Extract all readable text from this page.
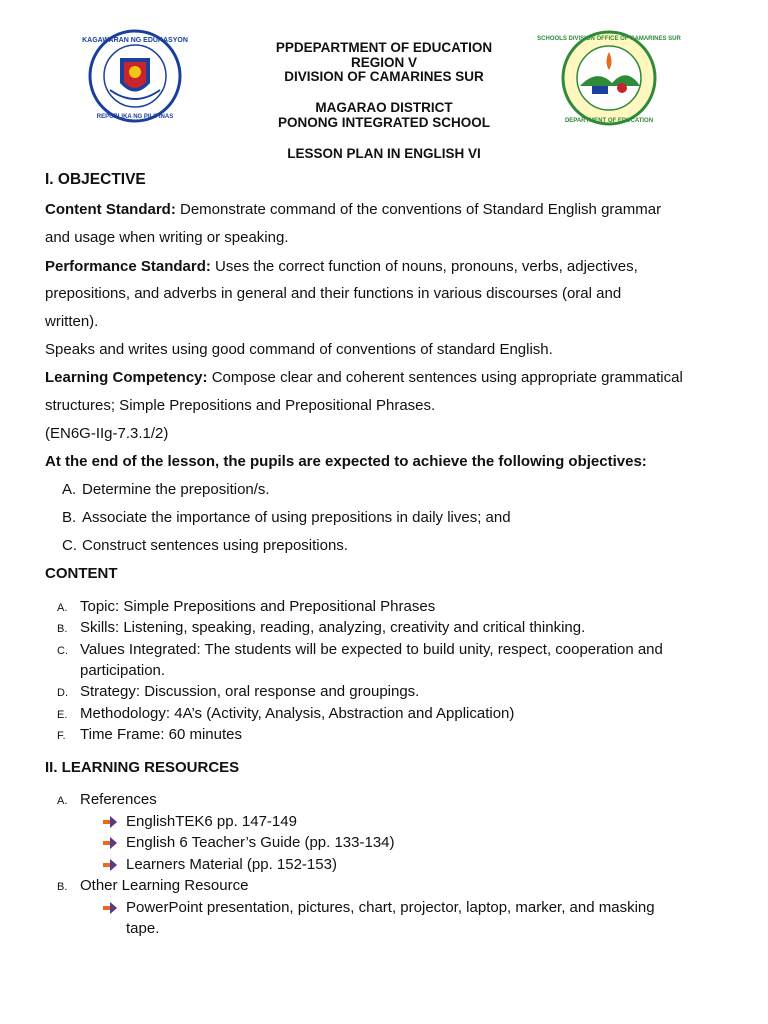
KAGAWARAN NG EDUKASYON
REPUBLIKA NG PILIPINAS
SCHOOLS DIVISION OFFICE OF CAMARINES SUR
DEPARTMENT OF EDUCATION
PPDEPARTMENT OF EDUCATION
REGION V
DIVISION OF CAMARINES SUR
MAGARAO DISTRICT
PONONG INTEGRATED SCHOOL
LESSON PLAN IN ENGLISH VI
I. OBJECTIVE
Content Standard: Demonstrate command of the conventions of Standard English grammar
and usage when writing or speaking.
Performance Standard: Uses the correct function of nouns, pronouns, verbs, adjectives,
prepositions, and adverbs in general and their functions in various discourses (oral and
written).
Speaks and writes using good command of conventions of standard English.
Learning Competency: Compose clear and coherent sentences using appropriate grammatical
structures; Simple Prepositions and Prepositional Phrases.
(EN6G-IIg-7.3.1/2)
At the end of the lesson, the pupils are expected to achieve the following objectives:
A. Determine the preposition/s.
B. Associate the importance of using prepositions in daily lives; and
C. Construct sentences using prepositions.
CONTENT
A. Topic: Simple Prepositions and Prepositional Phrases
B. Skills: Listening, speaking, reading, analyzing, creativity and critical thinking.
C. Values Integrated: The students will be expected to build unity, respect, cooperation and
participation.
D. Strategy: Discussion, oral response and groupings.
E. Methodology: 4A’s (Activity, Analysis, Abstraction and Application)
F. Time Frame: 60 minutes
II. LEARNING RESOURCES
A. References
EnglishTEK6 pp. 147-149
English 6 Teacher’s Guide (pp. 133-134)
Learners Material (pp. 152-153)
B. Other Learning Resource
PowerPoint presentation, pictures, chart, projector, laptop, marker, and masking
tape.
